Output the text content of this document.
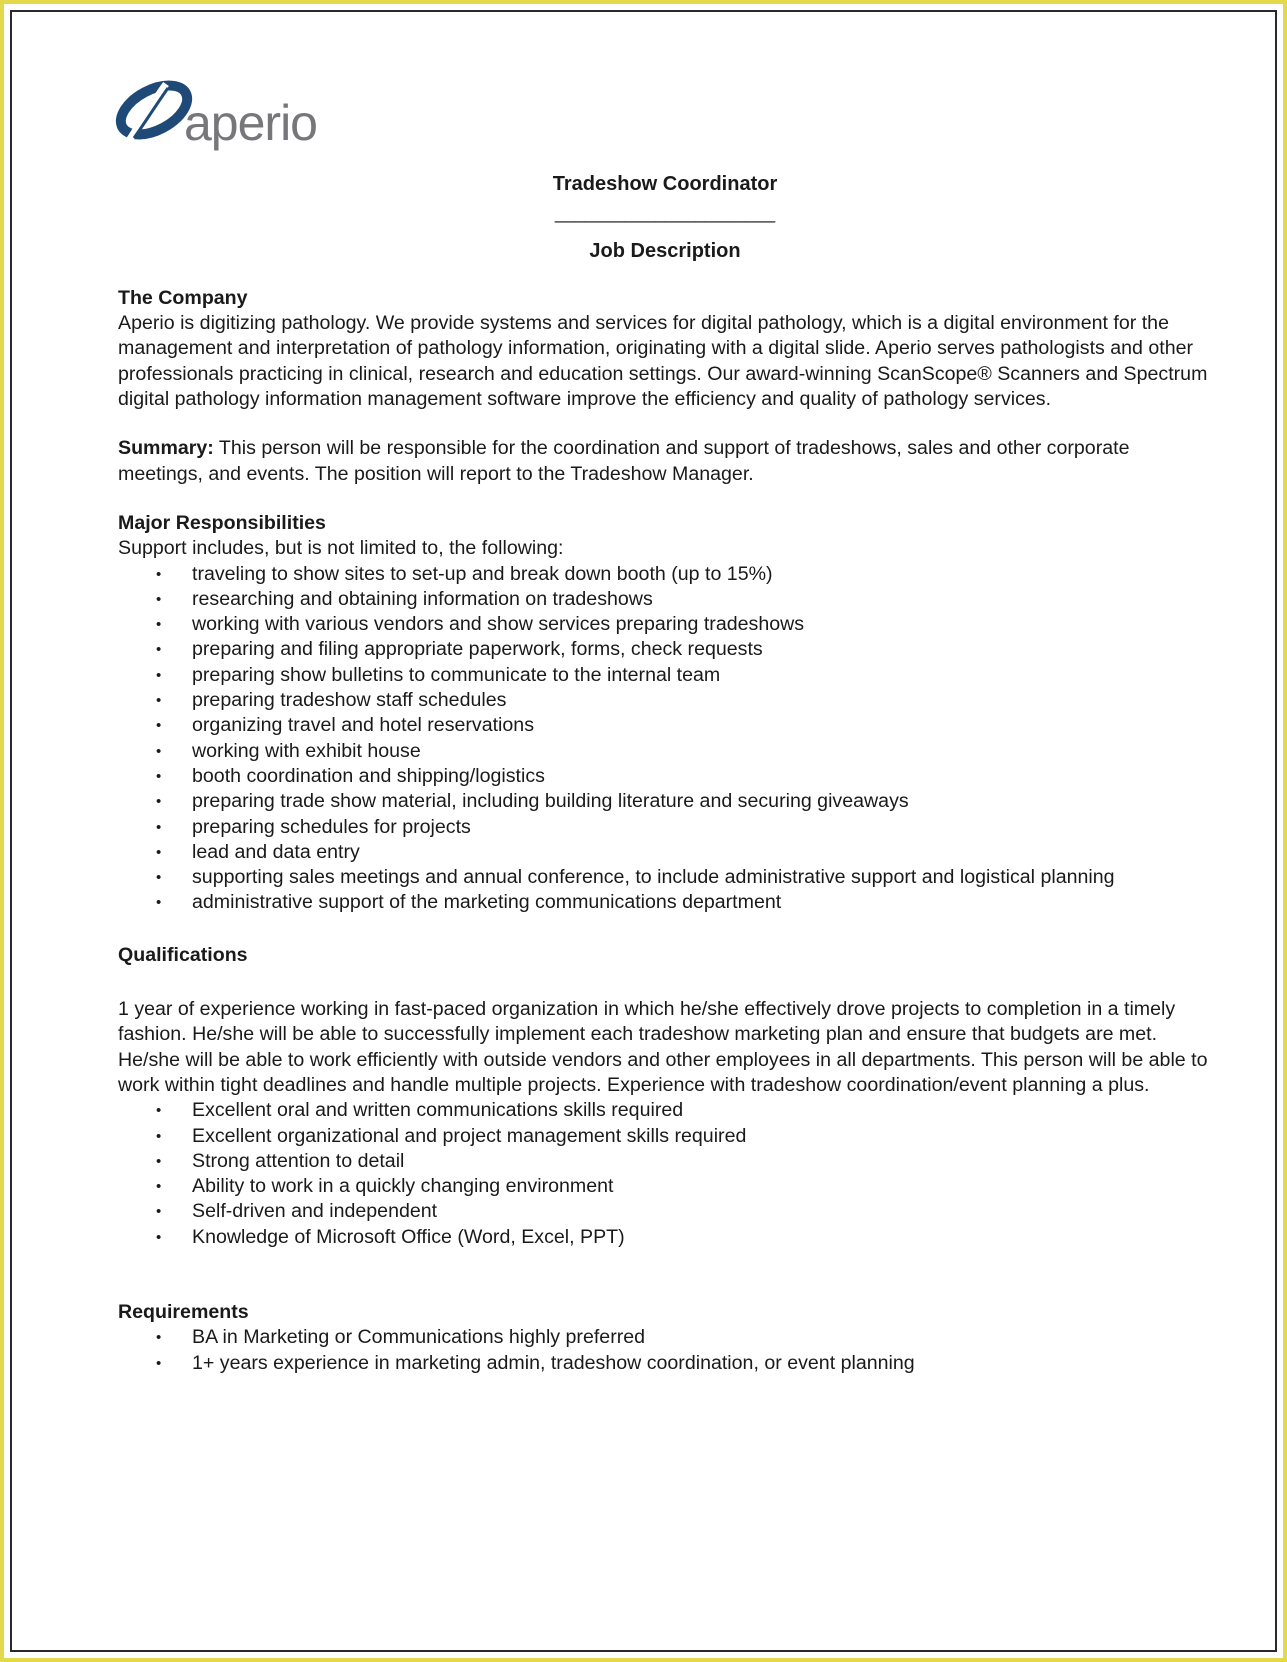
aperio
Tradeshow Coordinator
______________________
Job Description
The Company

Aperio is digitizing pathology. We provide systems and services for digital pathology, which is a digital environment for the management and interpretation of pathology information, originating with a digital slide. Aperio serves pathologists and other professionals practicing in clinical, research and education settings. Our award-winning ScanScope® Scanners and Spectrum digital pathology information management software improve the efficiency and quality of pathology services.

Summary: This person will be responsible for the coordination and support of tradeshows, sales and other corporate meetings, and events. The position will report to the Tradeshow Manager.

Major Responsibilities

Support includes, but is not limited to, the following:

• traveling to show sites to set-up and break down booth (up to 15%)
• researching and obtaining information on tradeshows
• working with various vendors and show services preparing tradeshows
• preparing and filing appropriate paperwork, forms, check requests
• preparing show bulletins to communicate to the internal team
• preparing tradeshow staff schedules
• organizing travel and hotel reservations
• working with exhibit house
• booth coordination and shipping/logistics
• preparing trade show material, including building literature and securing giveaways
• preparing schedules for projects
• lead and data entry
• supporting sales meetings and annual conference, to include administrative support and logistical planning
• administrative support of the marketing communications department
Qualifications

1 year of experience working in fast-paced organization in which he/she effectively drove projects to completion in a timely fashion. He/she will be able to successfully implement each tradeshow marketing plan and ensure that budgets are met. He/she will be able to work efficiently with outside vendors and other employees in all departments. This person will be able to work within tight deadlines and handle multiple projects. Experience with tradeshow coordination/event planning a plus.

• Excellent oral and written communications skills required
• Excellent organizational and project management skills required
• Strong attention to detail
• Ability to work in a quickly changing environment
• Self-driven and independent
• Knowledge of Microsoft Office (Word, Excel, PPT)
Requirements
• BA in Marketing or Communications highly preferred
• 1+ years experience in marketing admin, tradeshow coordination, or event planning
